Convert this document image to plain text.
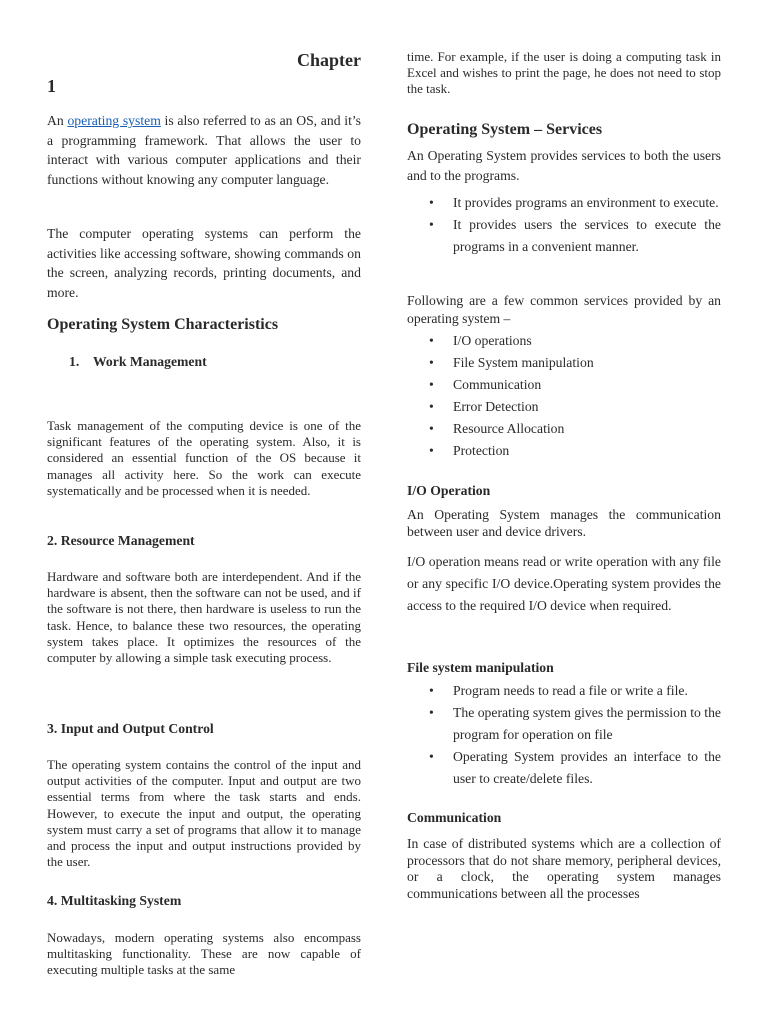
Chapter
1

An operating system is also referred to as an OS, and it’s a programming framework. That allows the user to interact with various computer applications and their functions without knowing any computer language.

The computer operating systems can perform the activities like accessing software, showing commands on the screen, analyzing records, printing documents, and more.

Operating System Characteristics
1. Work Management

Task management of the computing device is one of the significant features of the operating system. Also, it is considered an essential function of the OS because it manages all activity here. So the work can execute systematically and be processed when it is needed.

2. Resource Management

Hardware and software both are interdependent. And if the hardware is absent, then the software can not be used, and if the software is not there, then hardware is useless to run the task. Hence, to balance these two resources, the operating system takes place. It optimizes the resources of the computer by allowing a simple task executing process.

3. Input and Output Control

The operating system contains the control of the input and output activities of the computer. Input and output are two essential terms from where the task starts and ends. However, to execute the input and output, the operating system must carry a set of programs that allow it to manage and process the input and output instructions provided by the user.

4. Multitasking System

Nowadays, modern operating systems also encompass multitasking functionality. These are now capable of executing multiple tasks at the same

time. For example, if the user is doing a computing task in Excel and wishes to print the page, he does not need to stop the task.

Operating System – Services

An Operating System provides services to both the users and to the programs.

• It provides programs an environment to execute.
• It provides users the services to execute the programs in a convenient manner.

Following are a few common services provided by an operating system –

• I/O operations
• File System manipulation
• Communication
• Error Detection
• Resource Allocation
• Protection
I/O Operation

An Operating System manages the communication between user and device drivers.

I/O operation means read or write operation with any file or any specific I/O device.Operating system provides the access to the required I/O device when required.

File system manipulation
• Program needs to read a file or write a file.
• The operating system gives the permission to the program for operation on file
• Operating System provides an interface to the user to create/delete files.
Communication

In case of distributed systems which are a collection of processors that do not share memory, peripheral devices, or a clock, the operating system manages communications between all the processes
